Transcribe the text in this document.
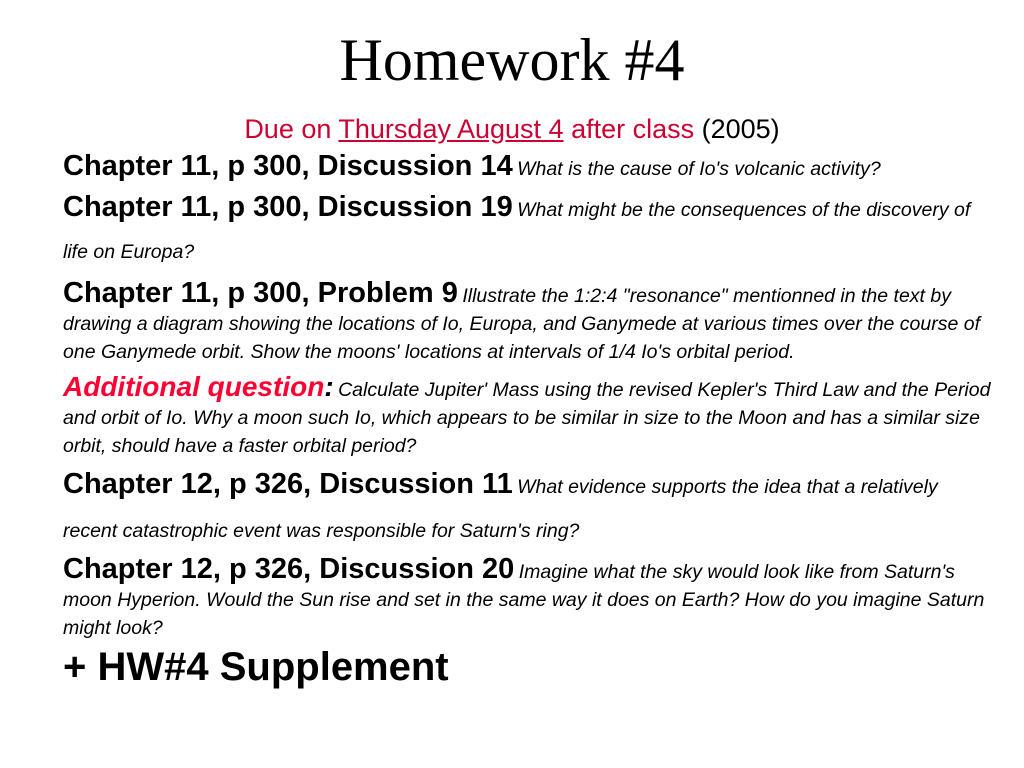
Homework #4
Due on Thursday August 4 after class (2005)

Chapter 11, p 300, Discussion 14 What is the cause of Io's volcanic activity?

Chapter 11, p 300, Discussion 19 What might be the consequences of the discovery of life on Europa?

Chapter 11, p 300, Problem 9 Illustrate the 1:2:4 "resonance" mentionned in the text by drawing a diagram showing the locations of Io, Europa, and Ganymede at various times over the course of one Ganymede orbit. Show the moons' locations at intervals of 1/4 Io's orbital period.

Additional question: Calculate Jupiter' Mass using the revised Kepler's Third Law and the Period and orbit of Io. Why a moon such Io, which appears to be similar in size to the Moon and has a similar size orbit, should have a faster orbital period?

Chapter 12, p 326, Discussion 11 What evidence supports the idea that a relatively recent catastrophic event was responsible for Saturn's ring?

Chapter 12, p 326, Discussion 20 Imagine what the sky would look like from Saturn's moon Hyperion. Would the Sun rise and set in the same way it does on Earth? How do you imagine Saturn might look?

+ HW#4 Supplement
